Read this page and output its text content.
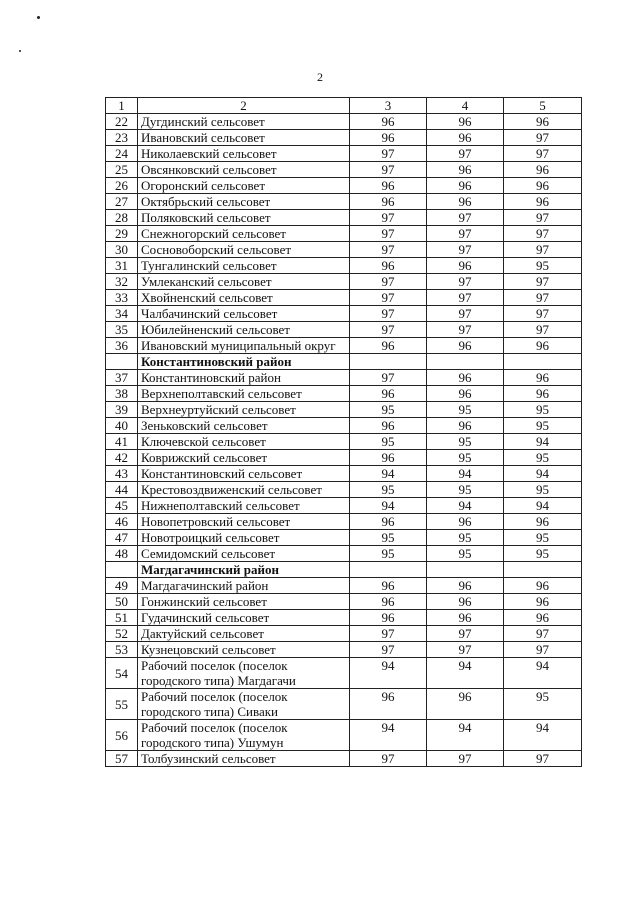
2
1	2	3	4	5
22	Дугдинский сельсовет	96	96	96
23	Ивановский сельсовет	96	96	97
24	Николаевский сельсовет	97	97	97
25	Овсянковский сельсовет	97	96	96
26	Огоронский сельсовет	96	96	96
27	Октябрьский сельсовет	96	96	96
28	Поляковский сельсовет	97	97	97
29	Снежногорский сельсовет	97	97	97
30	Сосновоборский сельсовет	97	97	97
31	Тунгалинский сельсовет	96	96	95
32	Умлеканский сельсовет	97	97	97
33	Хвойненский сельсовет	97	97	97
34	Чалбачинский сельсовет	97	97	97
35	Юбилейненский сельсовет	97	97	97
36	Ивановский муниципальный округ	96	96	96
	Константиновский район			
37	Константиновский район	97	96	96
38	Верхнеполтавский сельсовет	96	96	96
39	Верхнеуртуйский сельсовет	95	95	95
40	Зеньковский сельсовет	96	96	95
41	Ключевской сельсовет	95	95	94
42	Коврижский сельсовет	96	95	95
43	Константиновский сельсовет	94	94	94
44	Крестовоздвиженский сельсовет	95	95	95
45	Нижнеполтавский сельсовет	94	94	94
46	Новопетровский сельсовет	96	96	96
47	Новотроицкий сельсовет	95	95	95
48	Семидомский сельсовет	95	95	95
	Магдагачинский район			
49	Магдагачинский район	96	96	96
50	Гонжинский сельсовет	96	96	96
51	Гудачинский сельсовет	96	96	96
52	Дактуйский сельсовет	97	97	97
53	Кузнецовский сельсовет	97	97	97
54	Рабочий поселок (поселок городского типа) Магдагачи	94	94	94
55	Рабочий поселок (поселок городского типа) Сиваки	96	96	95
56	Рабочий поселок (поселок городского типа) Ушумун	94	94	94
57	Толбузинский сельсовет	97	97	97
